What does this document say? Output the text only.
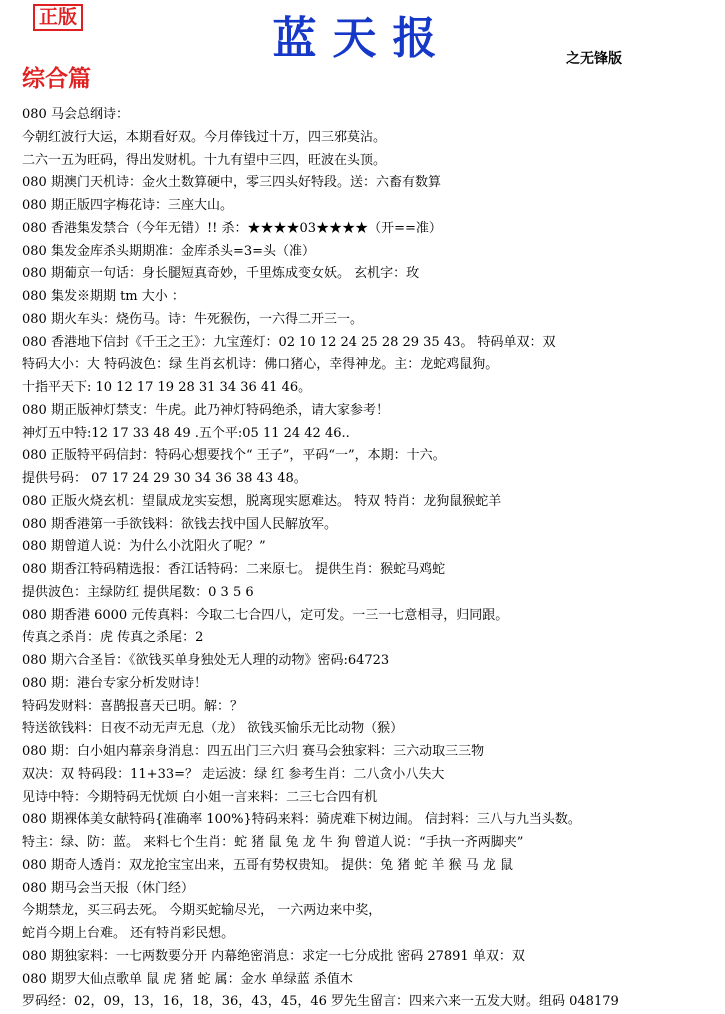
正版	蓝天报	之无锋版
综合篇
080 马会总纲诗：
今朝红波行大运，本期看好双。今月俸钱过十万，四三邪莫沾。
二六一五为旺码，得出发财机。十九有望中三四，旺波在头顶。
080 期澳门天机诗：金火土数算硬中，零三四头好特段。送：六畜有数算
080 期正版四字梅花诗：三座大山。
080 香港集发禁合（今年无错）!! 杀：★★★★03★★★★（开==准）
080 集发金库杀头期期准：金库杀头=3=头（准）
080 期葡京一句话：身长腿短真奇妙，千里炼成变女妖。 玄机字：玫
080 集发※期期 tm 大小 ：
080 期火车头：烧伤马。诗：牛死猴伤，一六得二开三一。
080 香港地下信封《千王之王》：九宝莲灯：02 10 12 24 25 28 29 35 43。 特码单双：双
特码大小：大 特码波色：绿 生肖玄机诗：佛口猪心，幸得神龙。主：龙蛇鸡鼠狗。
十指平天下: 10 12 17 19 28 31 34 36 41 46。
080 期正版神灯禁支：牛虎。此乃神灯特码绝杀，请大家参考！
神灯五中特:12 17 33 48 49 .五个平:05 11 24 42 46..
080 正版特平码信封：特码心想要找个“ 王子”，平码“一”，本期：十六。
提供号码： 07 17 24 29 30 34 36 38 43 48。
080 正版火烧玄机：望鼠成龙实妄想，脱离现实愿难达。 特双 特肖：龙狗鼠猴蛇羊
080 期香港第一手欲钱料：欲钱去找中国人民解放军。
080 期曾道人说：为什么小沈阳火了呢？”
080 期香江特码精选报：香江话特码：二来原七。 提供生肖：猴蛇马鸡蛇
提供波色：主绿防红 提供尾数：0 3 5 6
080 期香港 6000 元传真料：今取二七合四八，定可发。一三一七意相寻，归同跟。
传真之杀肖：虎 传真之杀尾：2
080 期六合圣旨：《欲钱买单身独处无人理的动物》密码:64723
080 期：港台专家分析发财诗！
特码发财料：喜鹊报喜天已明。解：？
特送欲钱料：日夜不动无声无息（龙） 欲钱买愉乐无比动物（猴）
080 期：白小姐内幕亲身消息：四五出门三六归 赛马会独家料：三六动取三三物
双决：双 特码段：11+33=？ 走运波：绿 红 参考生肖：二八贪小八失大
见诗中特：今期特码无忧烦 白小姐一言来料：二三七合四有机
080 期裸体美女献特码{准确率 100%}特码来料：骑虎难下树边闹。 信封料：三八与九当头数。
特主：绿、防：蓝。 来料七个生肖：蛇 猪 鼠 兔 龙 牛 狗 曾道人说：“手执一齐两脚夹”
080 期奇人透肖：双龙抢宝宝出来，五哥有势权贵知。 提供：兔 猪 蛇 羊 猴 马 龙 鼠
080 期马会当天报（休门经）
今期禁龙，买三码去死。 今期买蛇输尽光， 一六两边来中奖，
蛇肖今期上台难。 还有特肖彩民想。
080 期独家料：一七两数要分开 内幕绝密消息：求定一七分成批 密码 27891 单双：双
080 期罗大仙点歌单 鼠 虎 猪 蛇 属：金水 单绿蓝 杀值木
罗码经：02，09，13，16，18，36，43，45，46 罗先生留言：四来六来一五发大财。组码 048179
